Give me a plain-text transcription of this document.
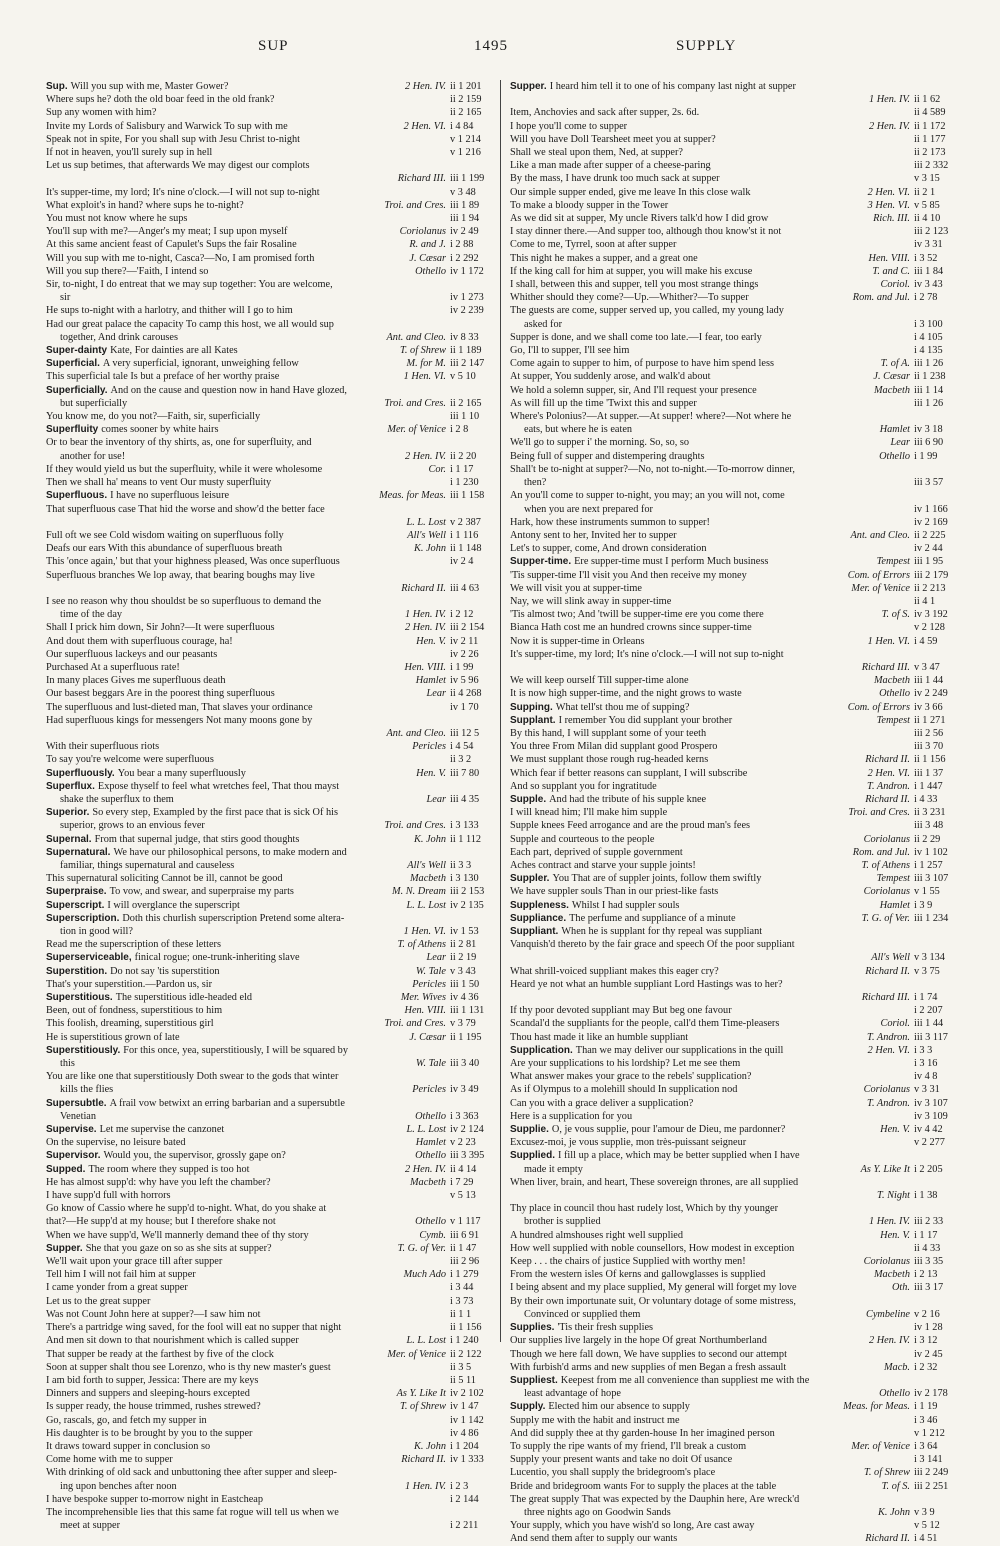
SUP	1495	SUPPLY
Sup. Will you sup with me, Master Gower?	2 Hen. IV. ii 1 201
Where sups he? doth the old boar feed in the old frank?	ii 2 159
Sup any women with him?	ii 2 165
Invite my Lords of Salisbury and Warwick To sup with me	2 Hen. VI. i 4 84
Speak not in spite, For you shall sup with Jesu Christ to-night	v 1 214
If not in heaven, you'll surely sup in hell	v 1 216
Let us sup betimes, that afterwards We may digest our complots
Richard III. iii 1 199
It's supper-time, my lord; It's nine o'clock.—I will not sup to-night	v 3 48
What exploit's in hand? where sups he to-night?	Troi. and Cres. iii 1 89
You must not know where he sups	iii 1 94
You'll sup with me?—Anger's my meat; I sup upon myself	Coriolanus iv 2 49
At this same ancient feast of Capulet's Sups the fair Rosaline	R. and J. i 2 88
Will you sup with me to-night, Casca?—No, I am promised forth	J. Cæsar i 2 292
Will you sup there?—'Faith, I intend so	Othello iv 1 172
Sir, to-night, I do entreat that we may sup together: You are welcome,
sir	iv 1 273
He sups to-night with a harlotry, and thither will I go to him	iv 2 239
Had our great palace the capacity To camp this host, we all would sup
together, And drink carouses	Ant. and Cleo. iv 8 33
Super-dainty Kate, For dainties are all Kates	T. of Shrew ii 1 189
Superficial. A very superficial, ignorant, unweighing fellow	M. for M. iii 2 147
This superficial tale Is but a preface of her worthy praise	1 Hen. VI. v 5 10
Superficially. And on the cause and question now in hand Have glozed,
but superficially	Troi. and Cres. ii 2 165
You know me, do you not?—Faith, sir, superficially	iii 1 10
Superfluity comes sooner by white hairs	Mer. of Venice i 2 8
Or to bear the inventory of thy shirts, as, one for superfluity, and
another for use!	2 Hen. IV. ii 2 20
If they would yield us but the superfluity, while it were wholesome	Cor. i 1 17
Then we shall ha' means to vent Our musty superfluity	i 1 230
Superfluous. I have no superfluous leisure	Meas. for Meas. iii 1 158
That superfluous case That hid the worse and show'd the better face
L. L. Lost v 2 387
Full oft we see Cold wisdom waiting on superfluous folly	All's Well i 1 116
Deafs our ears With this abundance of superfluous breath	K. John ii 1 148
This 'once again,' but that your highness pleased, Was once superfluous	iv 2 4
Superfluous branches We lop away, that bearing boughs may live
Richard II. iii 4 63
I see no reason why thou shouldst be so superfluous to demand the
time of the day	1 Hen. IV. i 2 12
Shall I prick him down, Sir John?—It were superfluous	2 Hen. IV. iii 2 154
And dout them with superfluous courage, ha!	Hen. V. iv 2 11
Our superfluous lackeys and our peasants	iv 2 26
Purchased At a superfluous rate!	Hen. VIII. i 1 99
In many places Gives me superfluous death	Hamlet iv 5 96
Our basest beggars Are in the poorest thing superfluous	Lear ii 4 268
The superfluous and lust-dieted man, That slaves your ordinance	iv 1 70
Had superfluous kings for messengers Not many moons gone by
Ant. and Cleo. iii 12 5
With their superfluous riots	Pericles i 4 54
To say you're welcome were superfluous	ii 3 2
Superfluously. You bear a many superfluously	Hen. V. iii 7 80
Superflux. Expose thyself to feel what wretches feel, That thou mayst
shake the superflux to them	Lear iii 4 35
Superior. So every step, Exampled by the first pace that is sick Of his
superior, grows to an envious fever	Troi. and Cres. i 3 133
Supernal. From that supernal judge, that stirs good thoughts	K. John ii 1 112
Supernatural. We have our philosophical persons, to make modern and
familiar, things supernatural and causeless	All's Well ii 3 3
This supernatural soliciting Cannot be ill, cannot be good	Macbeth i 3 130
Superpraise. To vow, and swear, and superpraise my parts	M. N. Dream iii 2 153
Superscript. I will overglance the superscript	L. L. Lost iv 2 135
Superscription. Doth this churlish superscription Pretend some altera-
tion in good will?	1 Hen. VI. iv 1 53
Read me the superscription of these letters	T. of Athens ii 2 81
Superserviceable, finical rogue; one-trunk-inheriting slave	Lear ii 2 19
Superstition. Do not say 'tis superstition	W. Tale v 3 43
That's your superstition.—Pardon us, sir	Pericles iii 1 50
Superstitious. The superstitious idle-headed eld	Mer. Wives iv 4 36
Been, out of fondness, superstitious to him	Hen. VIII. iii 1 131
This foolish, dreaming, superstitious girl	Troi. and Cres. v 3 79
He is superstitious grown of late	J. Cæsar ii 1 195
Superstitiously. For this once, yea, superstitiously, I will be squared by
this	W. Tale iii 3 40
You are like one that superstitiously Doth swear to the gods that winter
kills the flies	Pericles iv 3 49
Supersubtle. A frail vow betwixt an erring barbarian and a supersubtle
Venetian	Othello i 3 363
Supervise. Let me supervise the canzonet	L. L. Lost iv 2 124
On the supervise, no leisure bated	Hamlet v 2 23
Supervisor. Would you, the supervisor, grossly gape on?	Othello iii 3 395
Supped. The room where they supped is too hot	2 Hen. IV. ii 4 14
He has almost supp'd: why have you left the chamber?	Macbeth i 7 29
I have supp'd full with horrors	v 5 13
Go know of Cassio where he supp'd to-night. What, do you shake at
that?—He supp'd at my house; but I therefore shake not	Othello v 1 117
When we have supp'd, We'll mannerly demand thee of thy story	Cymb. iii 6 91
Supper. She that you gaze on so as she sits at supper?	T. G. of Ver. ii 1 47
We'll wait upon your grace till after supper	iii 2 96
Tell him I will not fail him at supper	Much Ado i 1 279
I came yonder from a great supper	i 3 44
Let us to the great supper	i 3 73
Was not Count John here at supper?—I saw him not	ii 1 1
There's a partridge wing saved, for the fool will eat no supper that night	ii 1 156
And men sit down to that nourishment which is called supper	L. L. Lost i 1 240
That supper be ready at the farthest by five of the clock	Mer. of Venice ii 2 122
Soon at supper shalt thou see Lorenzo, who is thy new master's guest	ii 3 5
I am bid forth to supper, Jessica: There are my keys	ii 5 11
Dinners and suppers and sleeping-hours excepted	As Y. Like It iv 2 102
Is supper ready, the house trimmed, rushes strewed?	T. of Shrew iv 1 47
Go, rascals, go, and fetch my supper in	iv 1 142
His daughter is to be brought by you to the supper	iv 4 86
It draws toward supper in conclusion so	K. John i 1 204
Come home with me to supper	Richard II. iv 1 333
With drinking of old sack and unbuttoning thee after supper and sleep-
ing upon benches after noon	1 Hen. IV. i 2 3
I have bespoke supper to-morrow night in Eastcheap	i 2 144
The incomprehensible lies that this same fat rogue will tell us when we
meet at supper	i 2 211
Supper. I heard him tell it to one of his company last night at supper
1 Hen. IV. ii 1 62
Item, Anchovies and sack after supper, 2s. 6d.	ii 4 589
I hope you'll come to supper	2 Hen. IV. ii 1 172
Will you have Doll Tearsheet meet you at supper?	ii 1 177
Shall we steal upon them, Ned, at supper?	ii 2 173
Like a man made after supper of a cheese-paring	iii 2 332
By the mass, I have drunk too much sack at supper	v 3 15
Our simple supper ended, give me leave In this close walk	2 Hen. VI. ii 2 1
To make a bloody supper in the Tower	3 Hen. VI. v 5 85
As we did sit at supper, My uncle Rivers talk'd how I did grow	Rich. III. ii 4 10
I stay dinner there.—And supper too, although thou know'st it not	iii 2 123
Come to me, Tyrrel, soon at after supper	iv 3 31
This night he makes a supper, and a great one	Hen. VIII. i 3 52
If the king call for him at supper, you will make his excuse	T. and C. iii 1 84
I shall, between this and supper, tell you most strange things	Coriol. iv 3 43
Whither should they come?—Up.—Whither?—To supper	Rom. and Jul. i 2 78
The guests are come, supper served up, you called, my young lady
asked for	i 3 100
Supper is done, and we shall come too late.—I fear, too early	i 4 105
Go, I'll to supper, I'll see him	i 4 135
Come again to supper to him, of purpose to have him spend less	T. of A. iii 1 26
At supper, You suddenly arose, and walk'd about	J. Cæsar ii 1 238
We hold a solemn supper, sir, And I'll request your presence	Macbeth iii 1 14
As will fill up the time 'Twixt this and supper	iii 1 26
Where's Polonius?—At supper.—At supper! where?—Not where he
eats, but where he is eaten	Hamlet iv 3 18
We'll go to supper i' the morning. So, so, so	Lear iii 6 90
Being full of supper and distempering draughts	Othello i 1 99
Shall't be to-night at supper?—No, not to-night.—To-morrow dinner,
then?	iii 3 57
An you'll come to supper to-night, you may; an you will not, come
when you are next prepared for	iv 1 166
Hark, how these instruments summon to supper!	iv 2 169
Antony sent to her, Invited her to supper	Ant. and Cleo. ii 2 225
Let's to supper, come, And drown consideration	iv 2 44
Supper-time. Ere supper-time must I perform Much business	Tempest iii 1 95
'Tis supper-time I'll visit you And then receive my money	Com. of Errors iii 2 179
We will visit you at supper-time	Mer. of Venice ii 2 213
Nay, we will slink away in supper-time	ii 4 1
'Tis almost two; And 'twill be supper-time ere you come there	T. of S. iv 3 192
Bianca Hath cost me an hundred crowns since supper-time	v 2 128
Now it is supper-time in Orleans	1 Hen. VI. i 4 59
It's supper-time, my lord; It's nine o'clock.—I will not sup to-night
Richard III. v 3 47
We will keep ourself Till supper-time alone	Macbeth iii 1 44
It is now high supper-time, and the night grows to waste	Othello iv 2 249
Supping. What tell'st thou me of supping?	Com. of Errors iv 3 66
Supplant. I remember You did supplant your brother	Tempest ii 1 271
By this hand, I will supplant some of your teeth	iii 2 56
You three From Milan did supplant good Prospero	iii 3 70
We must supplant those rough rug-headed kerns	Richard II. ii 1 156
Which fear if better reasons can supplant, I will subscribe	2 Hen. VI. iii 1 37
And so supplant you for ingratitude	T. Andron. i 1 447
Supple. And had the tribute of his supple knee	Richard II. i 4 33
I will knead him; I'll make him supple	Troi. and Cres. ii 3 231
Supple knees Feed arrogance and are the proud man's fees	iii 3 48
Supple and courteous to the people	Coriolanus ii 2 29
Each part, deprived of supple government	Rom. and Jul. iv 1 102
Aches contract and starve your supple joints!	T. of Athens i 1 257
Suppler. You That are of suppler joints, follow them swiftly	Tempest iii 3 107
We have suppler souls Than in our priest-like fasts	Coriolanus v 1 55
Suppleness. Whilst I had suppler souls	Hamlet i 3 9
Suppliance. The perfume and suppliance of a minute	T. G. of Ver. iii 1 234
Suppliant. When he is supplant for thy repeal was suppliant
Vanquish'd thereto by the fair grace and speech Of the poor suppliant
All's Well v 3 134
What shrill-voiced suppliant makes this eager cry?	Richard II. v 3 75
Heard ye not what an humble suppliant Lord Hastings was to her?
Richard III. i 1 74
If thy poor devoted suppliant may But beg one favour	i 2 207
Scandal'd the suppliants for the people, call'd them Time-pleasers	Coriol. iii 1 44
Thou hast made it like an humble suppliant	T. Andron. iii 3 117
Supplication. Than we may deliver our supplications in the quill	2 Hen. VI. i 3 3
Are your supplications to his lordship? Let me see them	i 3 16
What answer makes your grace to the rebels' supplication?	iv 4 8
As if Olympus to a molehill should In supplication nod	Coriolanus v 3 31
Can you with a grace deliver a supplication?	T. Andron. iv 3 107
Here is a supplication for you	iv 3 109
Supplie. O, je vous supplie, pour l'amour de Dieu, me pardonner?	Hen. V. iv 4 42
Excusez-moi, je vous supplie, mon très-puissant seigneur	v 2 277
Supplied. I fill up a place, which may be better supplied when I have
made it empty	As Y. Like It i 2 205
When liver, brain, and heart, These sovereign thrones, are all supplied
T. Night i 1 38
Thy place in council thou hast rudely lost, Which by thy younger
brother is supplied	1 Hen. IV. iii 2 33
A hundred almshouses right well supplied	Hen. V. i 1 17
How well supplied with noble counsellors, How modest in exception	ii 4 33
Keep . . . the chairs of justice Supplied with worthy men!	Coriolanus iii 3 35
From the western isles Of kerns and gallowglasses is supplied	Macbeth i 2 13
I being absent and my place supplied, My general will forget my love	Oth. iii 3 17
By their own importunate suit, Or voluntary dotage of some mistress,
Convinced or supplied them	Cymbeline v 2 16
Supplies. 'Tis their fresh supplies	iv 1 28
Our supplies live largely in the hope Of great Northumberland	2 Hen. IV. i 3 12
Though we here fall down, We have supplies to second our attempt	iv 2 45
With furbish'd arms and new supplies of men Began a fresh assault	Macb. i 2 32
Suppliest. Keepest from me all convenience than suppliest me with the
least advantage of hope	Othello iv 2 178
Supply. Elected him our absence to supply	Meas. for Meas. i 1 19
Supply me with the habit and instruct me	i 3 46
And did supply thee at thy garden-house In her imagined person	v 1 212
To supply the ripe wants of my friend, I'll break a custom	Mer. of Venice i 3 64
Supply your present wants and take no doit Of usance	i 3 141
Lucentio, you shall supply the bridegroom's place	T. of Shrew iii 2 249
Bride and bridegroom wants For to supply the places at the table	T. of S. iii 2 251
The great supply That was expected by the Dauphin here, Are wreck'd
three nights ago on Goodwin Sands	K. John v 3 9
Your supply, which you have wish'd so long, Are cast away	v 5 12
And send them after to supply our wants	Richard II. i 4 51
